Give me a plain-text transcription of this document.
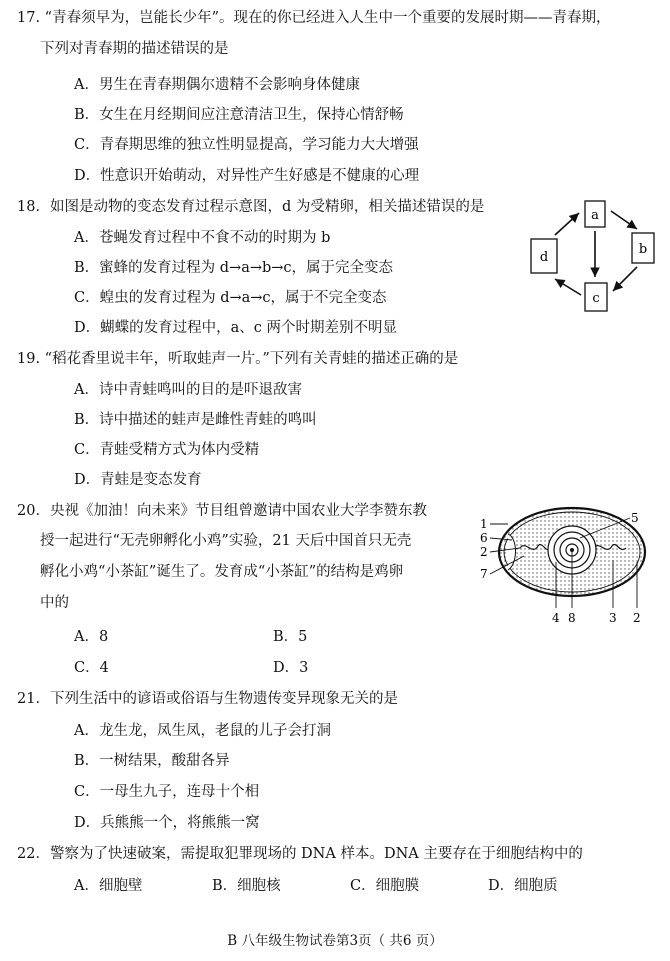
17. “青春须早为，岂能长少年”。现在的你已经进入人生中一个重要的发展时期——青春期，
下列对青春期的描述错误的是
A．男生在青春期偶尔遗精不会影响身体健康
B．女生在月经期间应注意清洁卫生，保持心情舒畅
C．青春期思维的独立性明显提高，学习能力大大增强
D．性意识开始萌动，对异性产生好感是不健康的心理
18．如图是动物的变态发育过程示意图，d 为受精卵，相关描述错误的是
A．苍蝇发育过程中不食不动的时期为 b
B．蜜蜂的发育过程为 d→a→b→c，属于完全变态
C．蝗虫的发育过程为 d→a→c，属于不完全变态
D．蝴蝶的发育过程中，a、c 两个时期差别不明显
a
b
c
d
19. “稻花香里说丰年，听取蛙声一片。”下列有关青蛙的描述正确的是
A．诗中青蛙鸣叫的目的是吓退敌害
B．诗中描述的蛙声是雌性青蛙的鸣叫
C．青蛙受精方式为体内受精
D．青蛙是变态发育
20．央视《加油！向未来》节目组曾邀请中国农业大学李赞东教
授一起进行“无壳卵孵化小鸡”实验，21 天后中国首只无壳
孵化小鸡“小茶缸”诞生了。发育成“小茶缸”的结构是鸡卵
中的
A．8	B．5
C．4	D．3
1
6
2
7
5
4 8	3 2
21．下列生活中的谚语或俗语与生物遗传变异现象无关的是
A．龙生龙，凤生凤，老鼠的儿子会打洞
B．一树结果，酸甜各异
C．一母生九子，连母十个相
D．兵熊熊一个，将熊熊一窝
22．警察为了快速破案，需提取犯罪现场的 DNA 样本。DNA 主要存在于细胞结构中的
A．细胞壁	B．细胞核	C．细胞膜	D．细胞质
B 八年级生物试卷第3页（ 共6 页）
